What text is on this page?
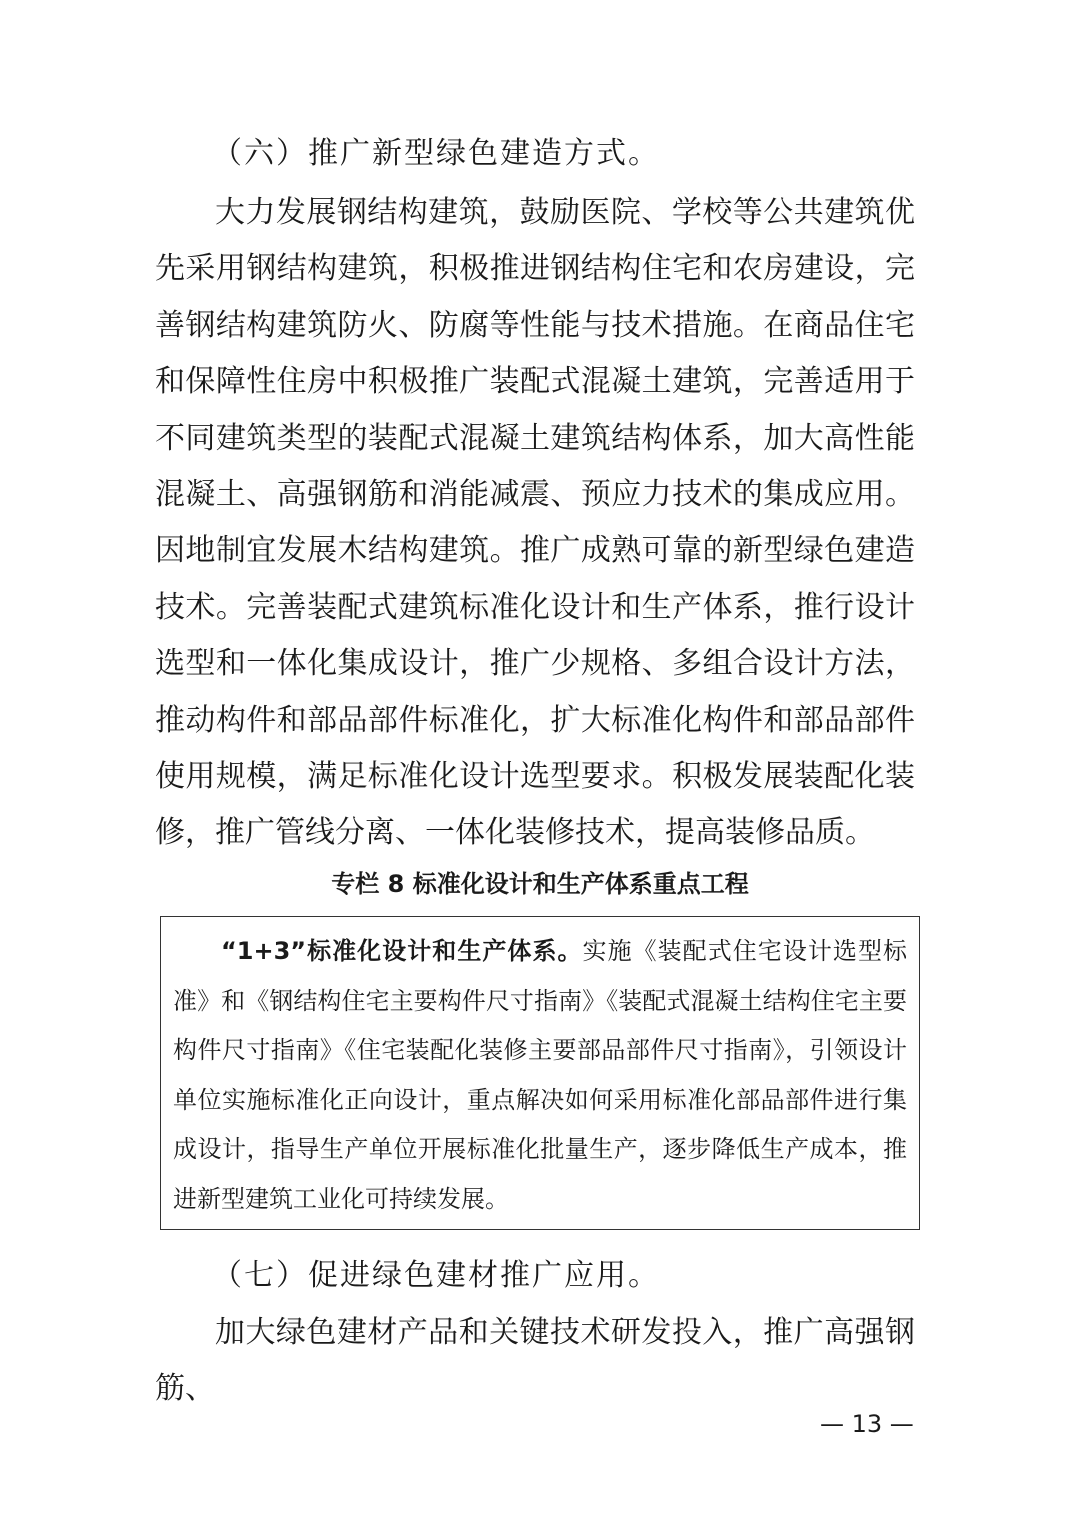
（六）推广新型绿色建造方式。

大力发展钢结构建筑，鼓励医院、学校等公共建筑优先采用钢结构建筑，积极推进钢结构住宅和农房建设，完善钢结构建筑防火、防腐等性能与技术措施。在商品住宅和保障性住房中积极推广装配式混凝土建筑，完善适用于不同建筑类型的装配式混凝土建筑结构体系，加大高性能混凝土、高强钢筋和消能减震、预应力技术的集成应用。因地制宜发展木结构建筑。推广成熟可靠的新型绿色建造技术。完善装配式建筑标准化设计和生产体系，推行设计选型和一体化集成设计，推广少规格、多组合设计方法，推动构件和部品部件标准化，扩大标准化构件和部品部件使用规模，满足标准化设计选型要求。积极发展装配化装修，推广管线分离、一体化装修技术，提高装修品质。

专栏 8 标准化设计和生产体系重点工程

“1+3”标准化设计和生产体系。实施《装配式住宅设计选型标准》和《钢结构住宅主要构件尺寸指南》《装配式混凝土结构住宅主要构件尺寸指南》《住宅装配化装修主要部品部件尺寸指南》，引领设计单位实施标准化正向设计，重点解决如何采用标准化部品部件进行集成设计，指导生产单位开展标准化批量生产，逐步降低生产成本，推进新型建筑工业化可持续发展。

（七）促进绿色建材推广应用。

加大绿色建材产品和关键技术研发投入，推广高强钢筋、

— 13 —
